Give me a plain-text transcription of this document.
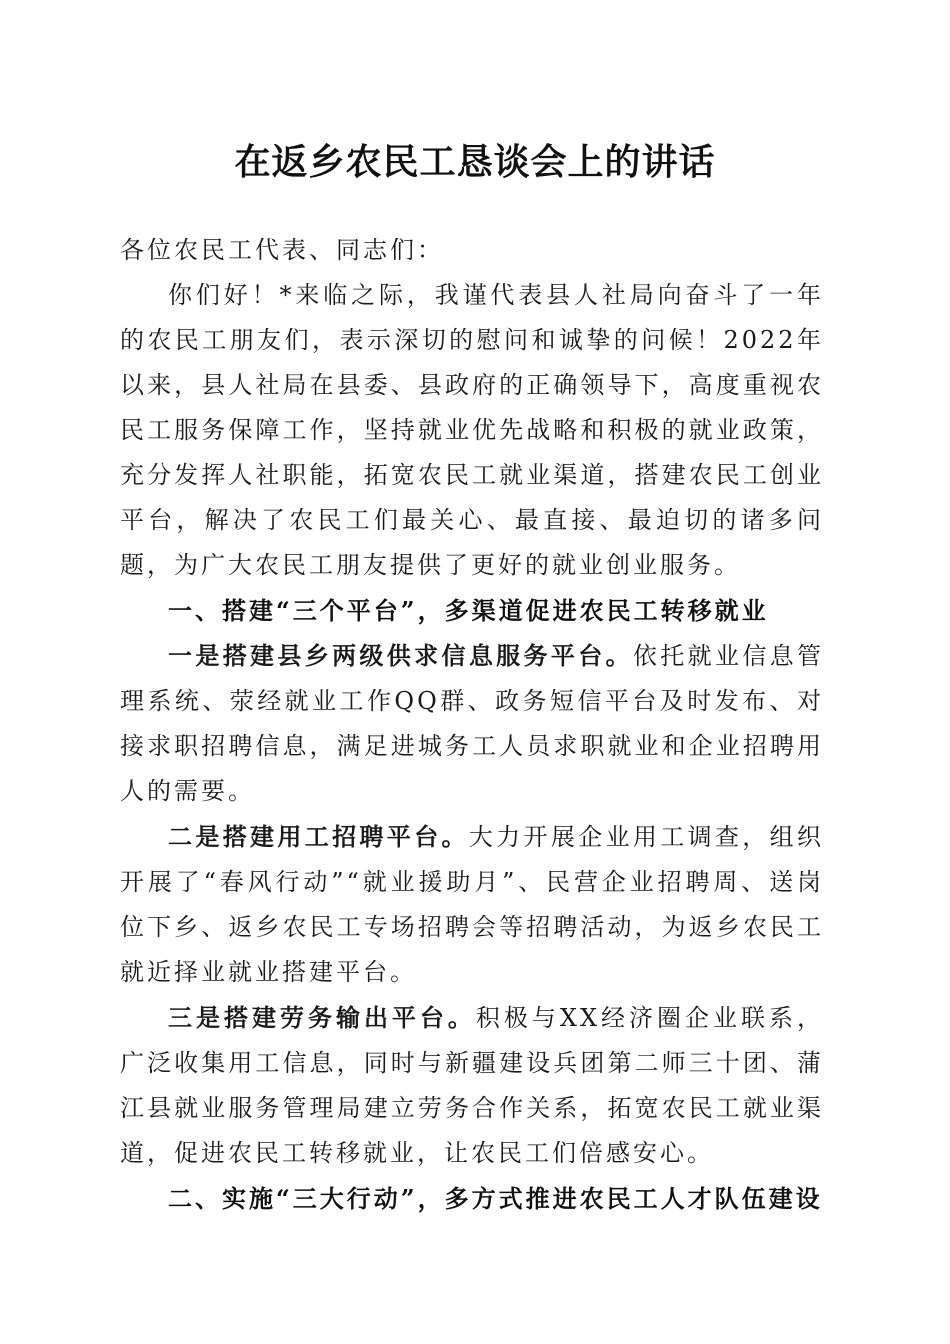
在返乡农民工恳谈会上的讲话

各位农民工代表、同志们：

你们好！*来临之际，我谨代表县人社局向奋斗了一年的农民工朋友们，表示深切的慰问和诚挚的问候！2022年以来，县人社局在县委、县政府的正确领导下，高度重视农民工服务保障工作，坚持就业优先战略和积极的就业政策，充分发挥人社职能，拓宽农民工就业渠道，搭建农民工创业平台，解决了农民工们最关心、最直接、最迫切的诸多问题，为广大农民工朋友提供了更好的就业创业服务。

一、搭建“三个平台”，多渠道促进农民工转移就业

一是搭建县乡两级供求信息服务平台。依托就业信息管理系统、荥经就业工作QQ群、政务短信平台及时发布、对接求职招聘信息，满足进城务工人员求职就业和企业招聘用人的需要。

二是搭建用工招聘平台。大力开展企业用工调查，组织开展了“春风行动”“就业援助月”、民营企业招聘周、送岗位下乡、返乡农民工专场招聘会等招聘活动，为返乡农民工就近择业就业搭建平台。

三是搭建劳务输出平台。积极与XX经济圈企业联系，广泛收集用工信息，同时与新疆建设兵团第二师三十团、蒲江县就业服务管理局建立劳务合作关系，拓宽农民工就业渠道，促进农民工转移就业，让农民工们倍感安心。

二、实施“三大行动”，多方式推进农民工人才队伍建设
